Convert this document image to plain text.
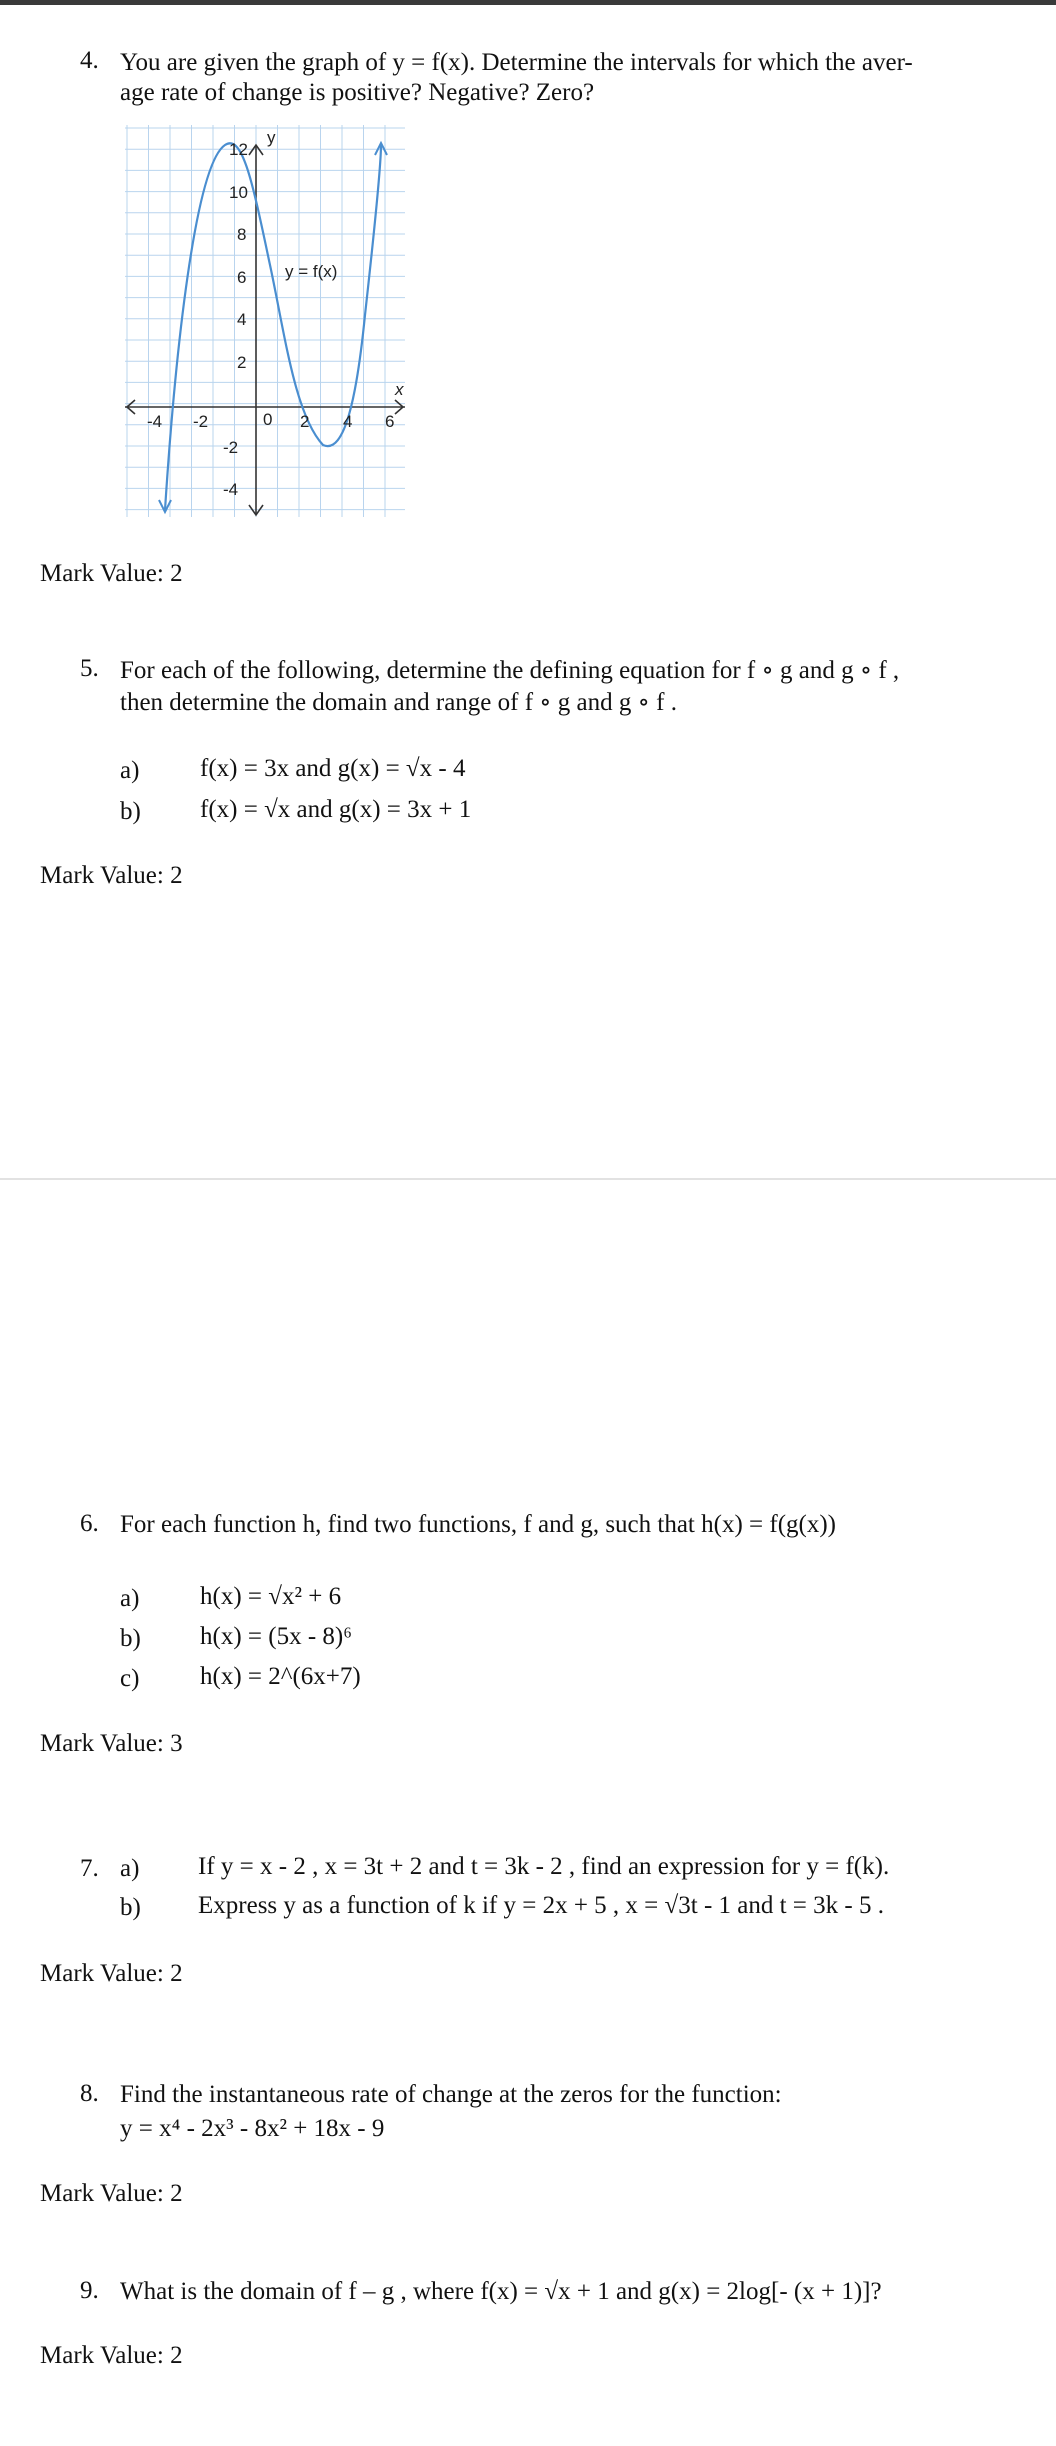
4. You are given the graph of y = f(x). Determine the intervals for which the aver-
age rate of change is positive? Negative? Zero?
y
x
y = f(x)
12
10
8
6
4
2
-2
-4
-4 -2	0 2 4 6
Mark Value: 2
5. For each of the following, determine the defining equation for f ∘ g and g ∘ f ,
then determine the domain and range of f ∘ g and g ∘ f .
a) f(x) = 3x and g(x) = √x - 4
b) f(x) = √x and g(x) = 3x + 1
Mark Value: 2
6. For each function h, find two functions, f and g, such that h(x) = f(g(x))
a) h(x) = √x² + 6
b) h(x) = (5x - 8)⁶
c) h(x) = 2^(6x+7)
Mark Value: 3
7. a) If y = x - 2 , x = 3t + 2 and t = 3k - 2 , find an expression for y = f(k).
b) Express y as a function of k if y = 2x + 5 , x = √3t - 1 and t = 3k - 5 .
Mark Value: 2
8. Find the instantaneous rate of change at the zeros for the function:
y = x⁴ - 2x³ - 8x² + 18x - 9
Mark Value: 2
9. What is the domain of f – g , where f(x) = √x + 1 and g(x) = 2log[- (x + 1)]?
Mark Value: 2
